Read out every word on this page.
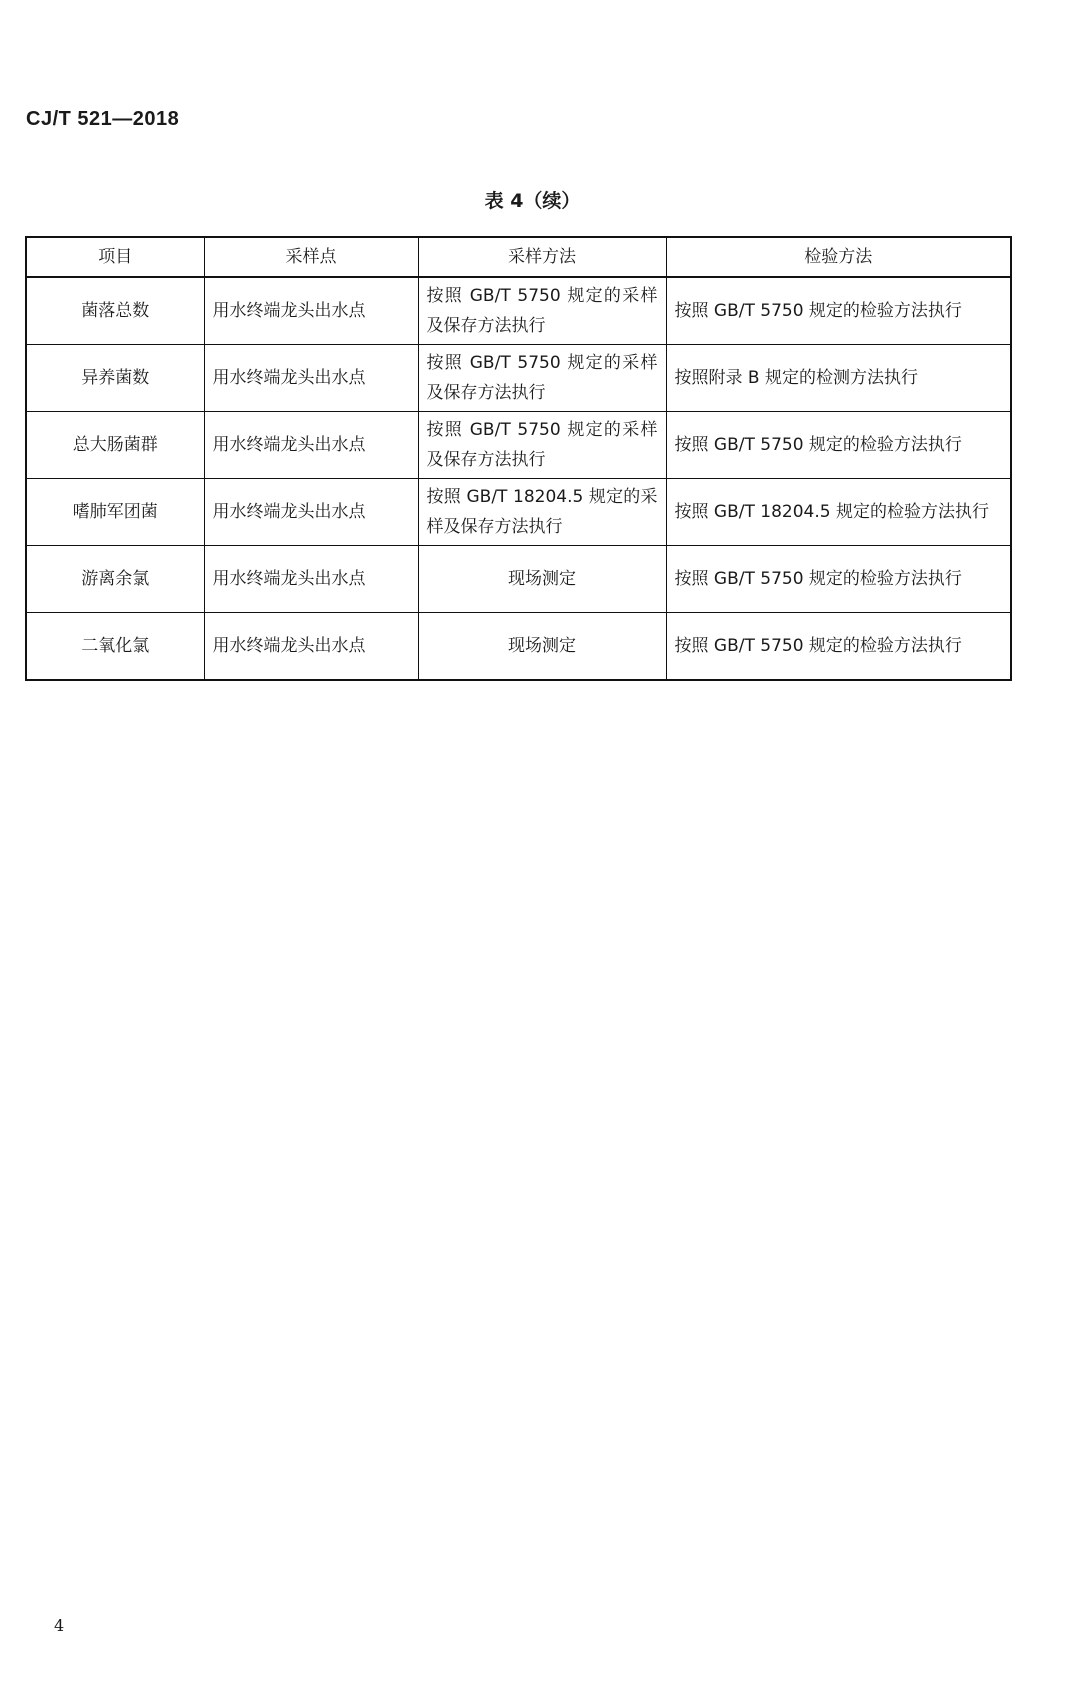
CJ/T 521—2018
表 4（续）
项目	采样点	采样方法	检验方法
菌落总数	用水终端龙头出水点	按照 GB/T 5750 规定的采样及保存方法执行	按照 GB/T 5750 规定的检验方法执行
异养菌数	用水终端龙头出水点	按照 GB/T 5750 规定的采样及保存方法执行	按照附录 B 规定的检测方法执行
总大肠菌群	用水终端龙头出水点	按照 GB/T 5750 规定的采样及保存方法执行	按照 GB/T 5750 规定的检验方法执行
嗜肺军团菌	用水终端龙头出水点	按照 GB/T 18204.5 规定的采样及保存方法执行	按照 GB/T 18204.5 规定的检验方法执行
游离余氯	用水终端龙头出水点	现场测定	按照 GB/T 5750 规定的检验方法执行
二氧化氯	用水终端龙头出水点	现场测定	按照 GB/T 5750 规定的检验方法执行
4
